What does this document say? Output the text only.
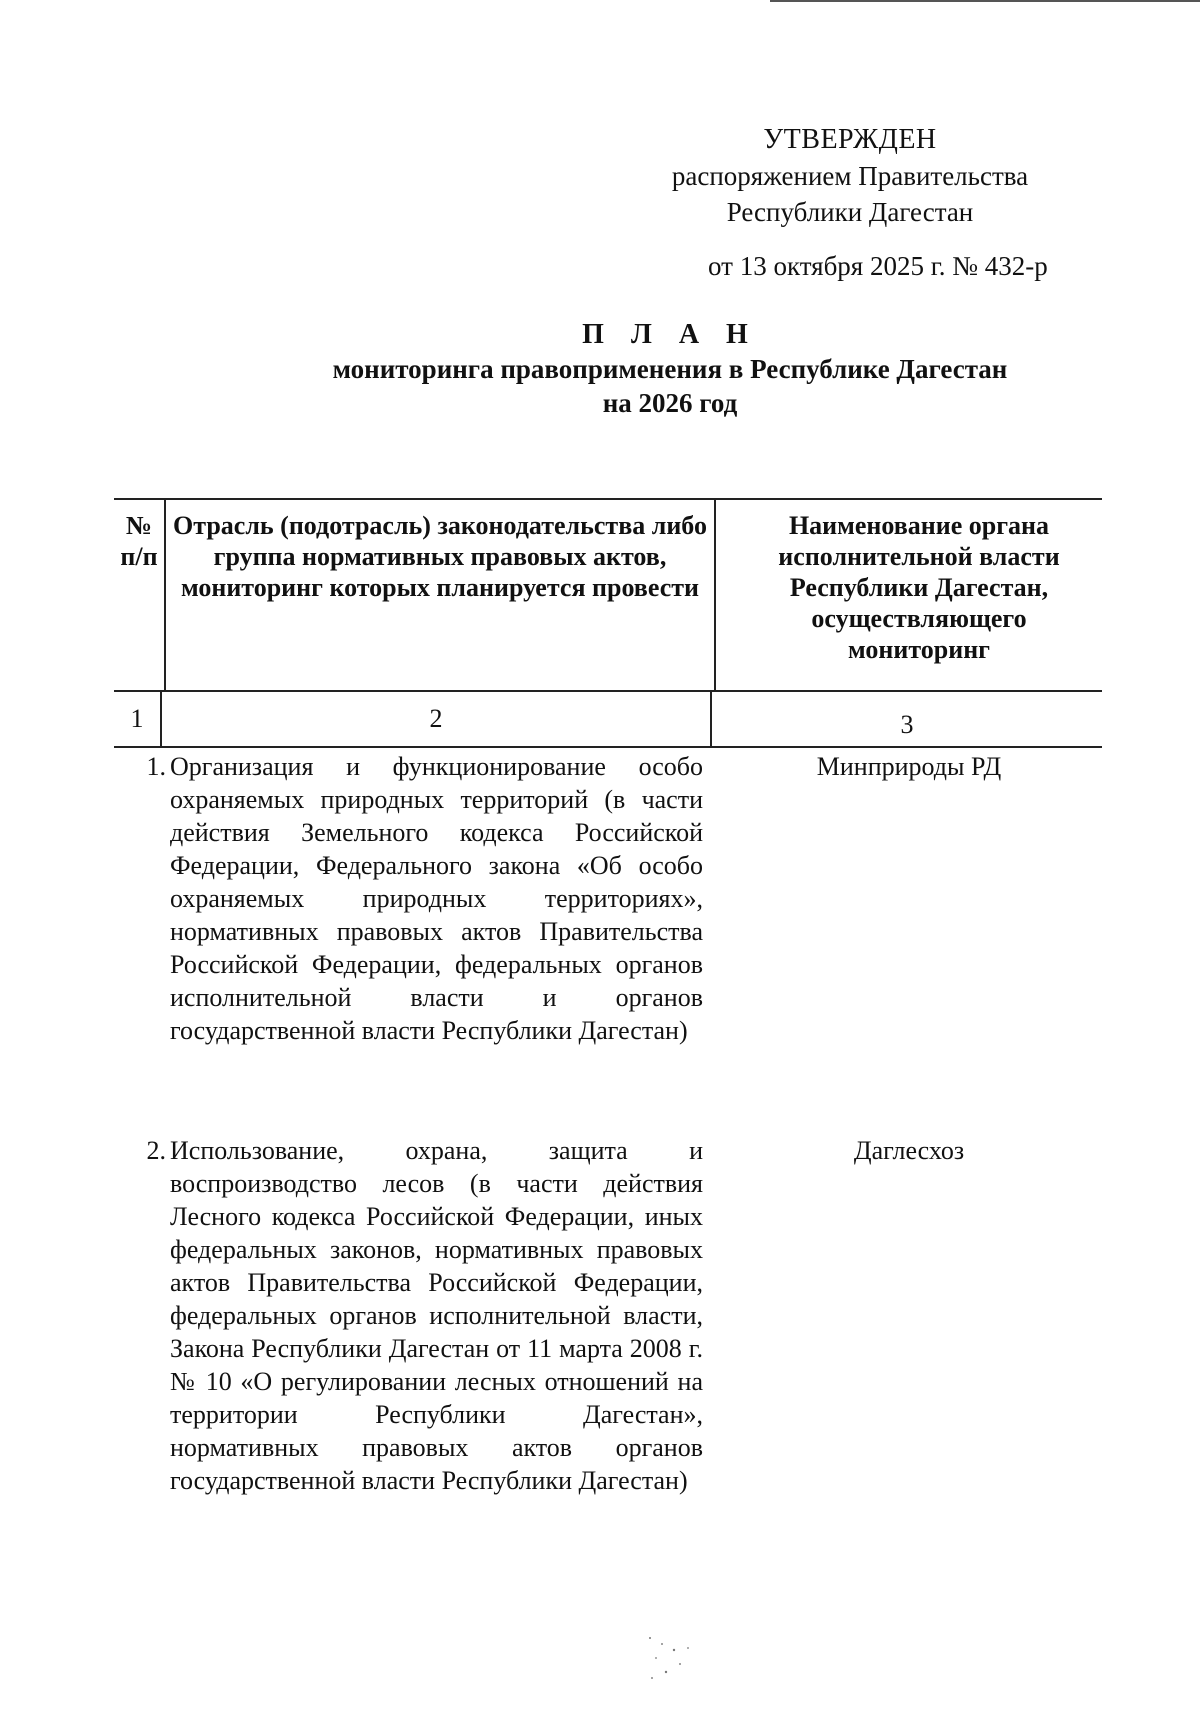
УТВЕРЖДЕН
распоряжением Правительства
Республики Дагестан
от 13 октября 2025 г. № 432-р
П Л А Н
мониторинга правоприменения в Республике Дагестан
на 2026 год
№ п/п
Отрасль (подотрасль) законодательства либо группа нормативных правовых актов, мониторинг которых планируется провести
Наименование органа исполнительной власти Республики Дагестан, осуществляющего мониторинг
1	2	3
1. Организация и функционирование особо охраняемых природных территорий (в части действия Земельного кодекса Российской Федерации, Федерального закона «Об особо охраняемых природных территориях», нормативных правовых актов Правительства Российской Федерации, федеральных органов исполнительной власти и органов государственной власти Республики Дагестан)
Минприроды РД
2. Использование, охрана, защита и воспроизводство лесов (в части действия Лесного кодекса Российской Федерации, иных федеральных законов, нормативных правовых актов Правительства Российской Федерации, федеральных органов исполнительной власти, Закона Республики Дагестан от 11 марта 2008 г. № 10 «О регулировании лесных отношений на территории Республики Дагестан», нормативных правовых актов органов государственной власти Республики Дагестан)
Даглесхоз
